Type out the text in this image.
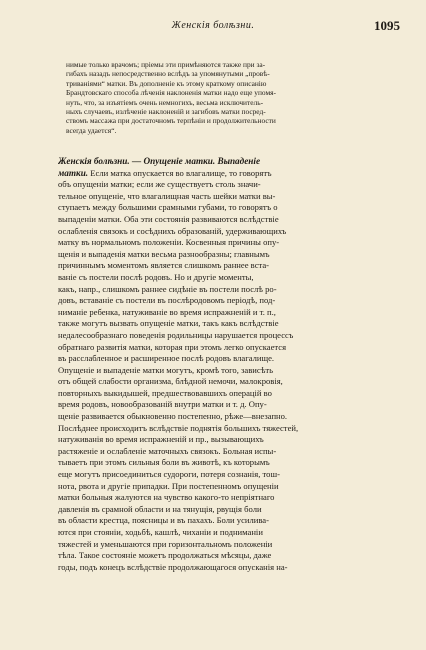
Женскія болѣзни.	1095
нимые только врачомъ; пріемы эти примѣняются также при за-
гибахъ назадъ непосредственно вслѣдъ за упомянутыми „провѣ-
триваніями“ матки. Въ дополненіе къ этому краткому описанію
Брандтовскаго способа лѣченія наклоненія матки надо еще упомя-
нуть, что, за изъятіемъ очень немногихъ, весьма исключитель-
ныхъ случаевъ, излѣченіе наклоненій и загибовъ матки посред-
ствомъ массажа при достаточномъ терпѣніи и продолжительности
всегда удается“.
Женскія болѣзни. — Опущеніе матки. Выпаденіе
матки. Если матка опускается во влагалище, то говорятъ
объ опущеніи матки; если же существуетъ столь значи-
тельное опущеніе, что влагалищная часть шейки матки вы-
ступаетъ между большими срамными губами, то говорятъ о
выпаденіи матки. Оба эти состоянія развиваются вслѣдствіе
ослабленія связокъ и сосѣднихъ образованій, удерживающихъ
матку въ нормальномъ положеніи. Косвенныя причины опу-
щенія и выпаденія матки весьма разнообразны; главнымъ
причиннымъ моментомъ является слишкомъ раннее вста-
ваніе съ постели послѣ родовъ. Но и другіе моменты,
какъ, напр., слишкомъ раннее сидѣніе въ постели послѣ ро-
довъ, вставаніе съ постели въ послѣродовомъ періодѣ, под-
ниманіе ребенка, натуживаніе во время испражненій и т. п.,
также могутъ вызвать опущеніе матки, такъ какъ вслѣдствіе
недалесообразнаго поведенія родильницы нарушается процессъ
обратнаго развитія матки, которая при этомъ легко опускается
въ расслабленное и расширенное послѣ родовъ влагалище.
Опущеніе и выпаденіе матки могутъ, кромѣ того, зависѣть
отъ общей слабости организма, блѣдной немочи, малокровія,
повторныхъ выкидышей, предшествовавшихъ операцій во
время родовъ, новообразованій внутри матки и т. д. Опу-
щеніе развивается обыкновенно постепенно, рѣже—внезапно.
Послѣднее происходитъ вслѣдствіе поднятія большихъ тяжестей,
натуживанія во время испражненій и пр., вызывающихъ
растяженіе и ослабленіе маточныхъ связокъ. Больная испы-
тываетъ при этомъ сильныя боли въ животѣ, къ которымъ
еще могутъ присоединиться судороги, потеря сознанія, тош-
нота, рвота и другіе припадки. При постепенномъ опущеніи
матки больныя жалуются на чувство какого-то непріятнаго
давленія въ срамной области и на тянущія, рвущія боли
въ области крестца, поясницы и въ пахахъ. Боли усилива-
ются при стояніи, ходьбѣ, кашлѣ, чиханіи и подниманіи
тяжестей и уменьшаются при горизонтальномъ положеніи
тѣла. Такое состояніе можетъ продолжаться мѣсяцы, даже
годы, подъ конецъ вслѣдствіе продолжающагося опусканія на-
